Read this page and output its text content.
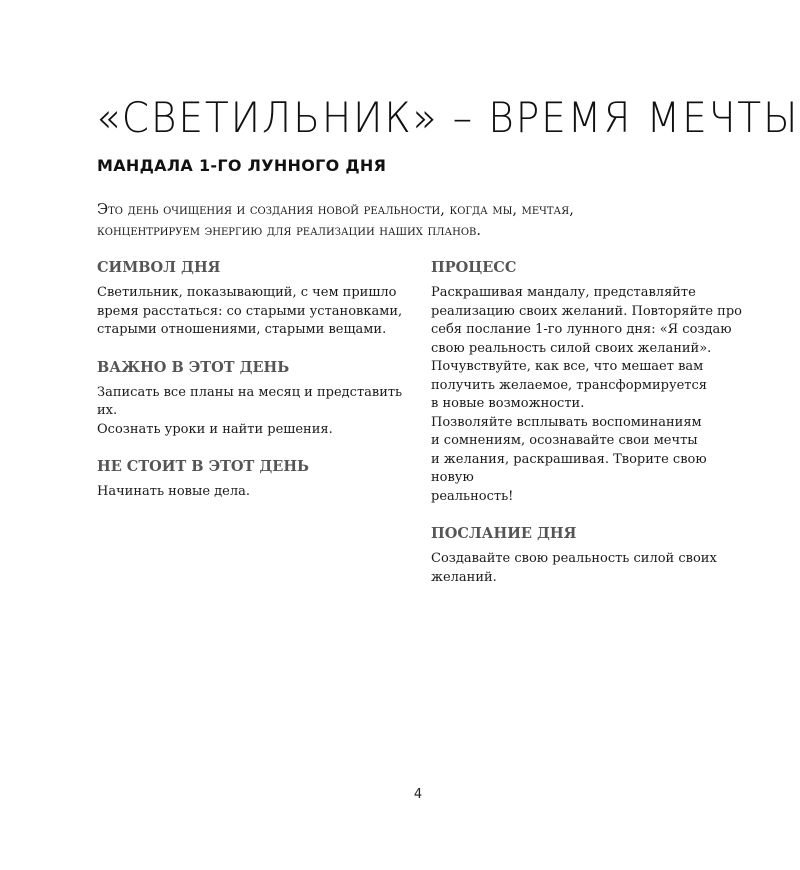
«СВЕТИЛЬНИК» – ВРЕМЯ МЕЧТЫ
МАНДАЛА 1-ГО ЛУННОГО ДНЯ

Это день очищения и создания новой реальности, когда мы, мечтая, концентрируем энергию для реализации наших планов.

СИМВОЛ ДНЯ

Светильник, показывающий, с чем пришло
время расстаться: со старыми установками,
старыми отношениями, старыми вещами.

ВАЖНО В ЭТОТ ДЕНЬ

Записать все планы на месяц и представить их.
Осознать уроки и найти решения.

НЕ СТОИТ В ЭТОТ ДЕНЬ

Начинать новые дела.

ПРОЦЕСС

Раскрашивая мандалу, представляйте
реализацию своих желаний. Повторяйте про
себя послание 1-го лунного дня: «Я создаю
свою реальность силой своих желаний».
Почувствуйте, как все, что мешает вам
получить желаемое, трансформируется
в новые возможности.
Позволяйте всплывать воспоминаниям
и сомнениям, осознавайте свои мечты
и желания, раскрашивая. Творите свою новую
реальность!

ПОСЛАНИЕ ДНЯ

Создавайте свою реальность силой своих
желаний.

4
